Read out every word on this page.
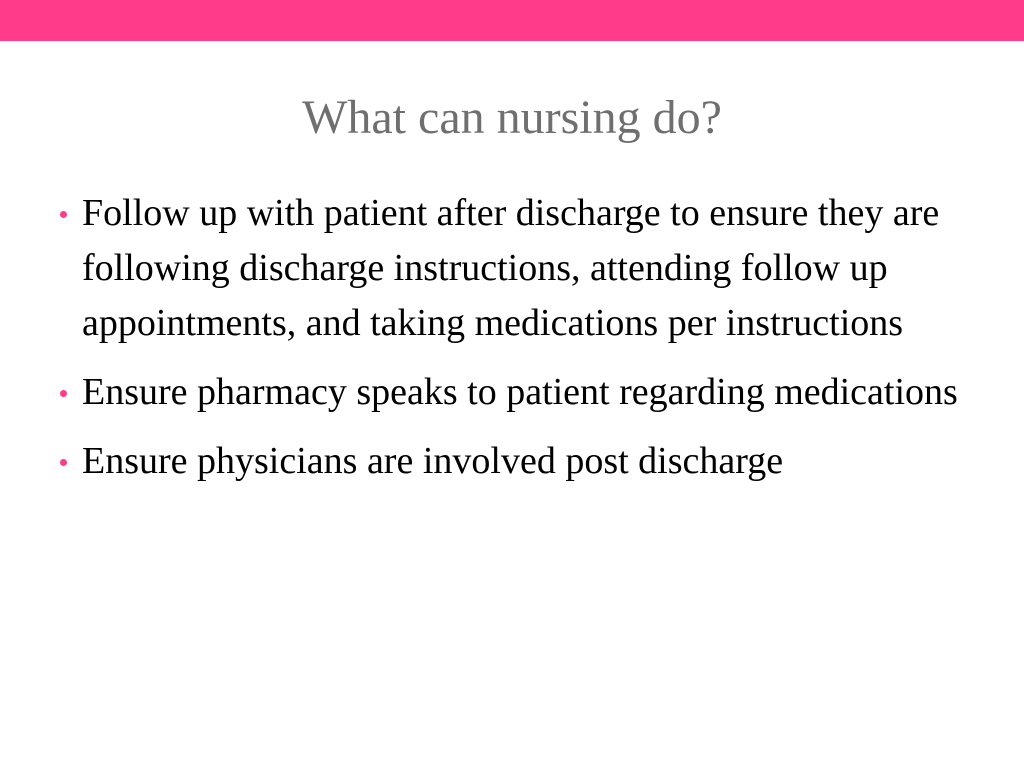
What can nursing do?
Follow up with patient after discharge to ensure they are following discharge instructions, attending follow up appointments, and taking medications per instructions
Ensure pharmacy speaks to patient regarding medications
Ensure physicians are involved post discharge
